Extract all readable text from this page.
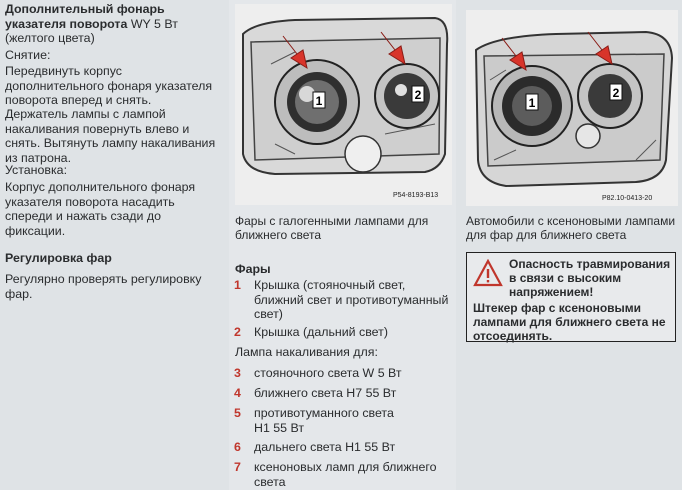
Дополнительный фонарь указателя поворота WY 5 Вт (желтого цвета)

Снятие:

Передвинуть корпус дополнительного фонаря указателя поворота вперед и снять.

Держатель лампы с лампой накаливания повернуть влево и снять. Вытянуть лампу накаливания из патрона.

Установка:

Корпус дополнительного фонаря указателя поворота насадить спереди и нажать сзади до фиксации.

Регулировка фар

Регулярно проверять регулировку фар.

1	2
P54-8193-B13
Фары с галогенными лампами для ближнего света
Фары
1 Крышка (стояночный свет, ближний свет и противотуманный свет)
2 Крышка (дальний свет)
Лампа накаливания для:
3 стояночного света W 5 Вт
4 ближнего света H7 55 Вт
5 противотуманного света H1 55 Вт
6 дальнего света H1 55 Вт
7 ксеноновых ламп для ближнего света
1
2
P82.10-0413-20
Автомобили с ксеноновыми лампами для фар для ближнего света
Опасность травмирования в связи с высоким напряжением!
Штекер фар с ксеноновыми лампами для ближнего света не отсоединять.
